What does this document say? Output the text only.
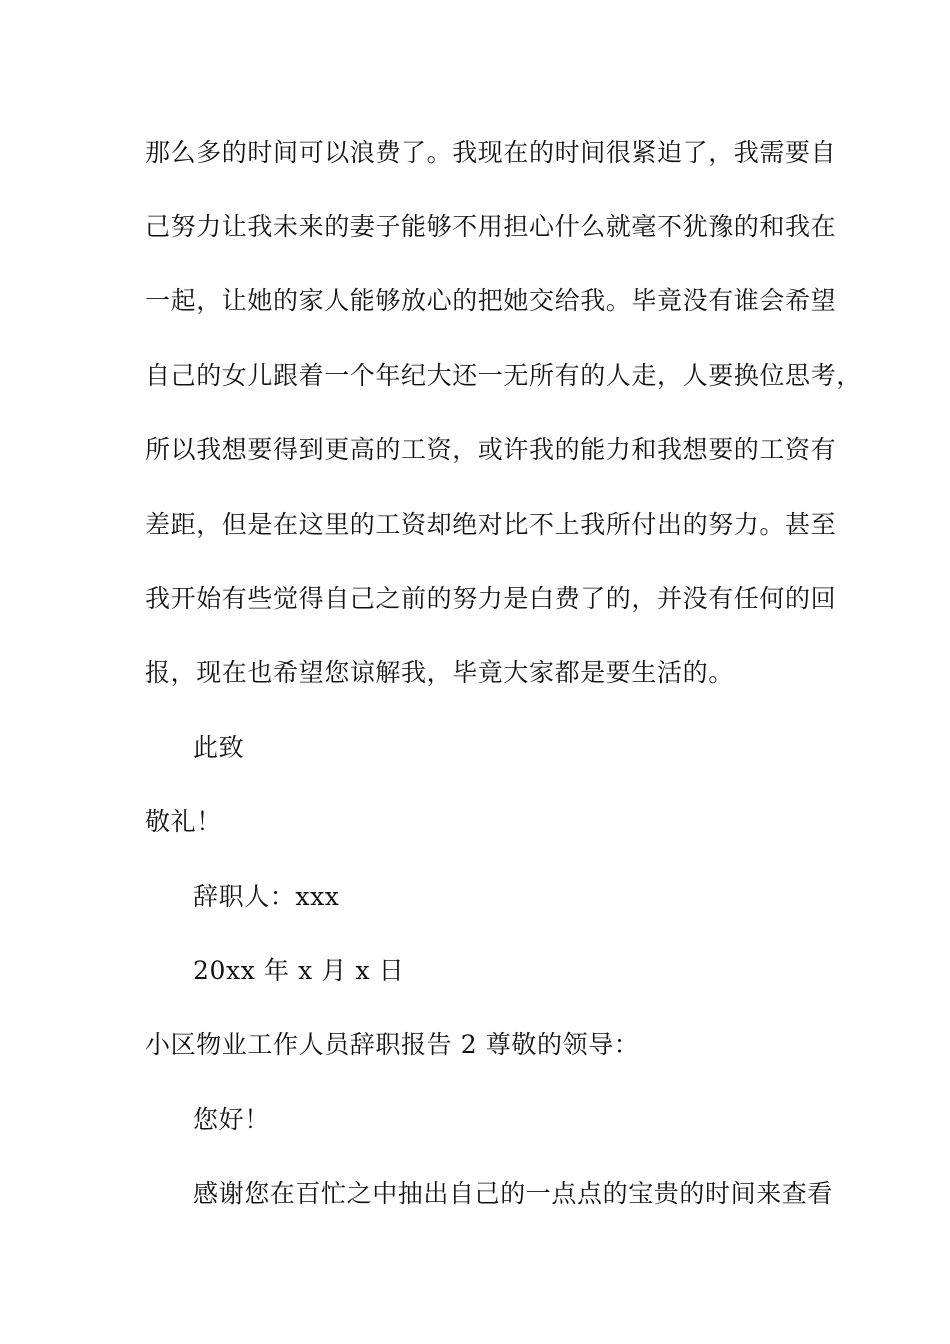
那么多的时间可以浪费了。我现在的时间很紧迫了，我需要自
己努力让我未来的妻子能够不用担心什么就毫不犹豫的和我在
一起，让她的家人能够放心的把她交给我。毕竟没有谁会希望
自己的女儿跟着一个年纪大还一无所有的人走，人要换位思考，
所以我想要得到更高的工资，或许我的能力和我想要的工资有
差距，但是在这里的工资却绝对比不上我所付出的努力。甚至
我开始有些觉得自己之前的努力是白费了的，并没有任何的回
报，现在也希望您谅解我，毕竟大家都是要生活的。
此致
敬礼！
辞职人：xxx
20xx 年 x 月 x 日
小区物业工作人员辞职报告 2 尊敬的领导：
您好！
感谢您在百忙之中抽出自己的一点点的宝贵的时间来查看
